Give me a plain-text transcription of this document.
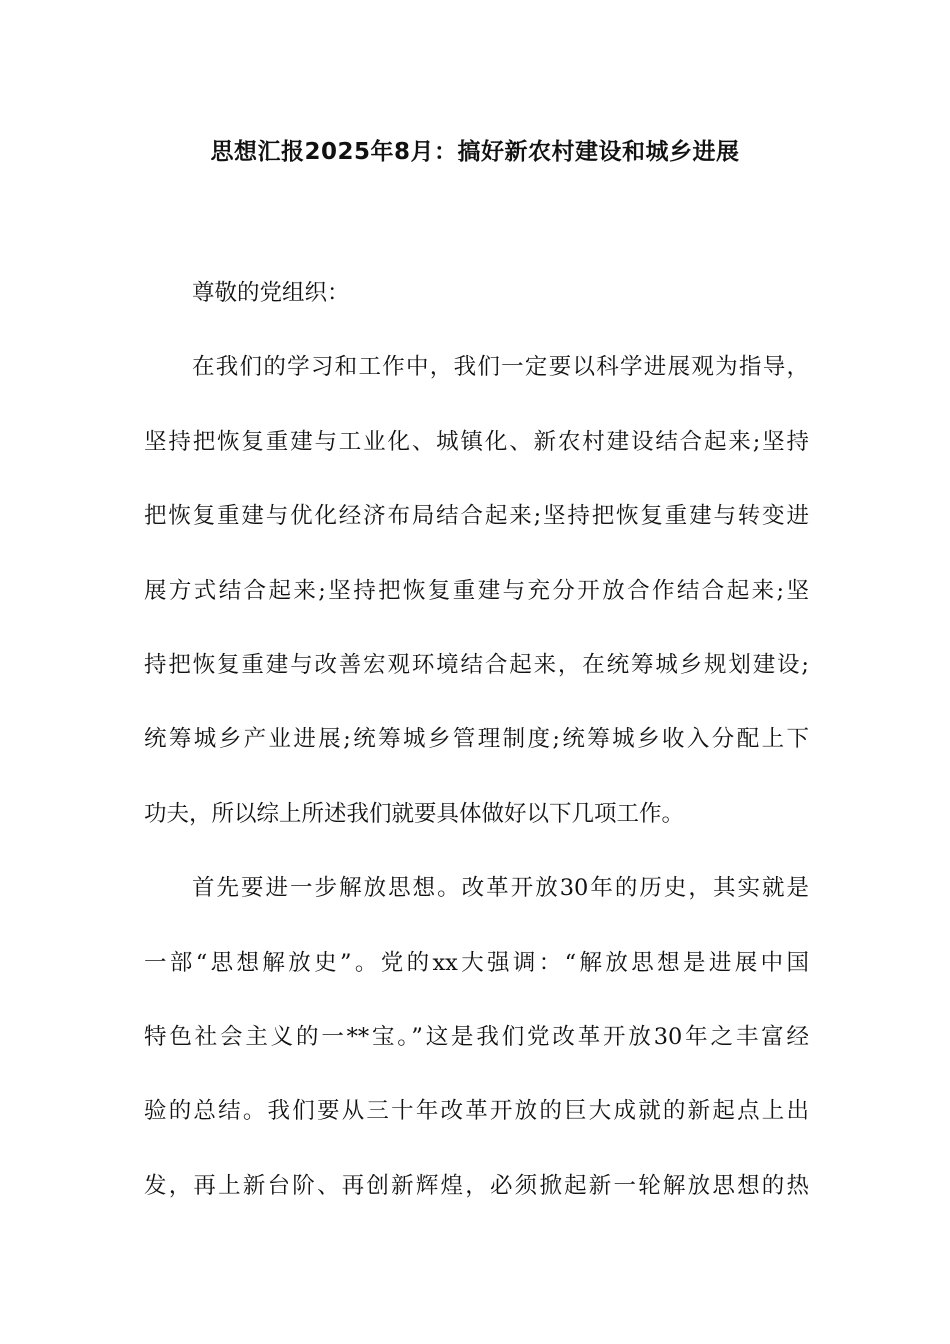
思想汇报2025年8月：搞好新农村建设和城乡进展

尊敬的党组织：

在我们的学习和工作中，我们一定要以科学进展观为指导，
坚持把恢复重建与工业化、城镇化、新农村建设结合起来;坚持
把恢复重建与优化经济布局结合起来;坚持把恢复重建与转变进
展方式结合起来;坚持把恢复重建与充分开放合作结合起来;坚
持把恢复重建与改善宏观环境结合起来，在统筹城乡规划建设;
统筹城乡产业进展;统筹城乡管理制度;统筹城乡收入分配上下
功夫，所以综上所述我们就要具体做好以下几项工作。

首先要进一步解放思想。改革开放30年的历史，其实就是
一部“思想解放史”。党的xx大强调：“解放思想是进展中国
特色社会主义的一**宝。”这是我们党改革开放30年之丰富经
验的总结。我们要从三十年改革开放的巨大成就的新起点上出
发，再上新台阶、再创新辉煌，必须掀起新一轮解放思想的热
